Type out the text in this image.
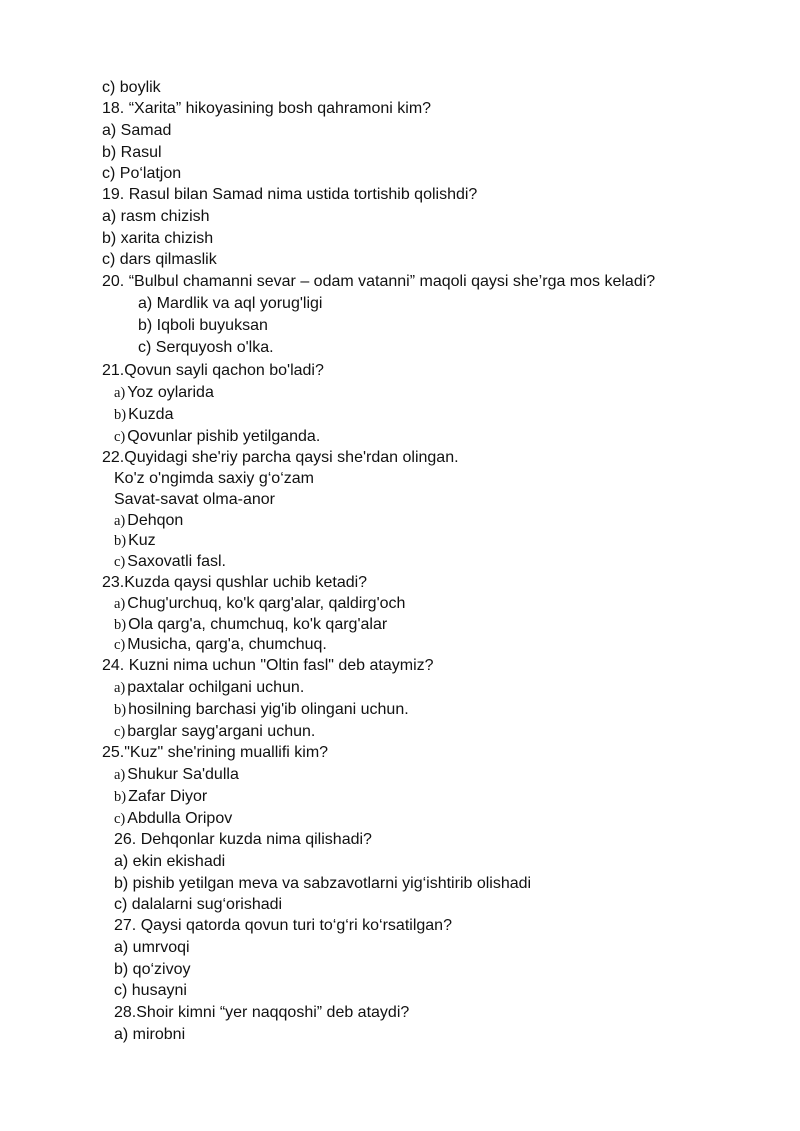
c) boylik
18. “Xarita” hikoyasining bosh qahramoni kim?
a) Samad
b) Rasul
c) Po‘latjon
19. Rasul bilan Samad nima ustida tortishib qolishdi?
a) rasm chizish
b) xarita chizish
c) dars qilmaslik
20. “Bulbul chamanni sevar – odam vatanni” maqoli qaysi she’rga mos keladi?
a) Mardlik va aql yorug'ligi
b) Iqboli buyuksan
c) Serquyosh o'lka.
21.Qovun sayli qachon bo'ladi?
a) Yoz oylarida
b) Kuzda
c) Qovunlar pishib yetilganda.
22.Quyidagi she'riy parcha qaysi she'rdan olingan.
Ko'z o'ngimda saxiy g‘o‘zam
Savat-savat olma-anor
a) Dehqon
b) Kuz
c) Saxovatli fasl.
23.Kuzda qaysi qushlar uchib ketadi?
a) Chug'urchuq, ko'k qarg'alar, qaldirg'och
b) Ola qarg'a, chumchuq, ko'k qarg'alar
c) Musicha, qarg'a, chumchuq.
24. Kuzni nima uchun "Oltin fasl" deb ataymiz?
a) paxtalar ochilgani uchun.
b) hosilning barchasi yig'ib olingani uchun.
c) barglar sayg'argani uchun.
25."Kuz" she'rining muallifi kim?
a) Shukur Sa'dulla
b) Zafar Diyor
c) Abdulla Oripov
26. Dehqonlar kuzda nima qilishadi?
a) ekin ekishadi
b) pishib yetilgan meva va sabzavotlarni yig‘ishtirib olishadi
c) dalalarni sug‘orishadi
27. Qaysi qatorda qovun turi to‘g‘ri ko‘rsatilgan?
a) umrvoqi
b) qo‘zivoy
c) husayni
28.Shoir kimni “yer naqqoshi” deb ataydi?
a) mirobni
